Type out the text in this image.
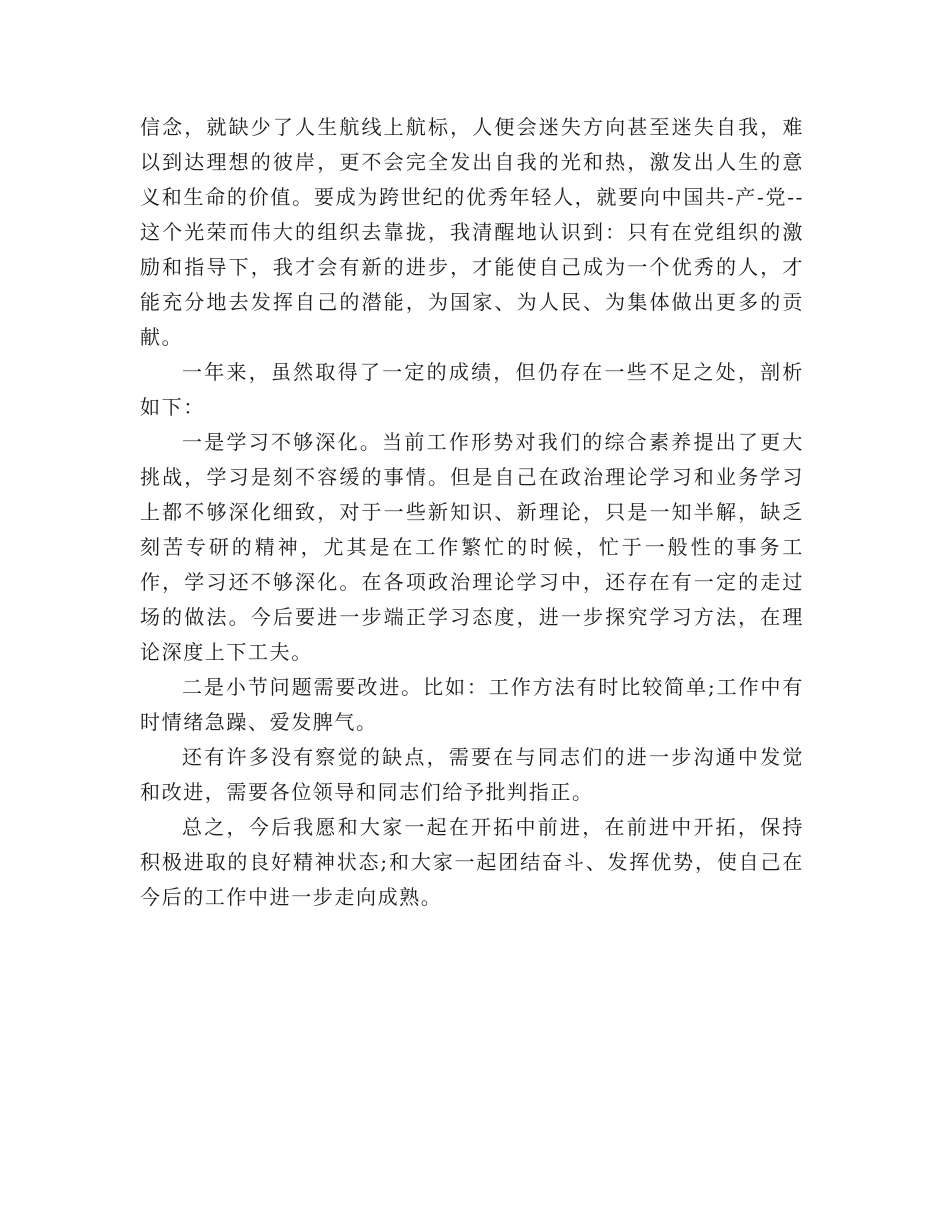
信念，就缺少了人生航线上航标，人便会迷失方向甚至迷失自我，难以到达理想的彼岸，更不会完全发出自我的光和热，激发出人生的意义和生命的价值。要成为跨世纪的优秀年轻人，就要向中国共-产-党--这个光荣而伟大的组织去靠拢，我清醒地认识到：只有在党组织的激励和指导下，我才会有新的进步，才能使自己成为一个优秀的人，才能充分地去发挥自己的潜能，为国家、为人民、为集体做出更多的贡献。

一年来，虽然取得了一定的成绩，但仍存在一些不足之处，剖析如下：

一是学习不够深化。当前工作形势对我们的综合素养提出了更大挑战，学习是刻不容缓的事情。但是自己在政治理论学习和业务学习上都不够深化细致，对于一些新知识、新理论，只是一知半解，缺乏刻苦专研的精神，尤其是在工作繁忙的时候，忙于一般性的事务工作，学习还不够深化。在各项政治理论学习中，还存在有一定的走过场的做法。今后要进一步端正学习态度，进一步探究学习方法，在理论深度上下工夫。

二是小节问题需要改进。比如：工作方法有时比较简单;工作中有时情绪急躁、爱发脾气。

还有许多没有察觉的缺点，需要在与同志们的进一步沟通中发觉和改进，需要各位领导和同志们给予批判指正。

总之，今后我愿和大家一起在开拓中前进，在前进中开拓，保持积极进取的良好精神状态;和大家一起团结奋斗、发挥优势，使自己在今后的工作中进一步走向成熟。
